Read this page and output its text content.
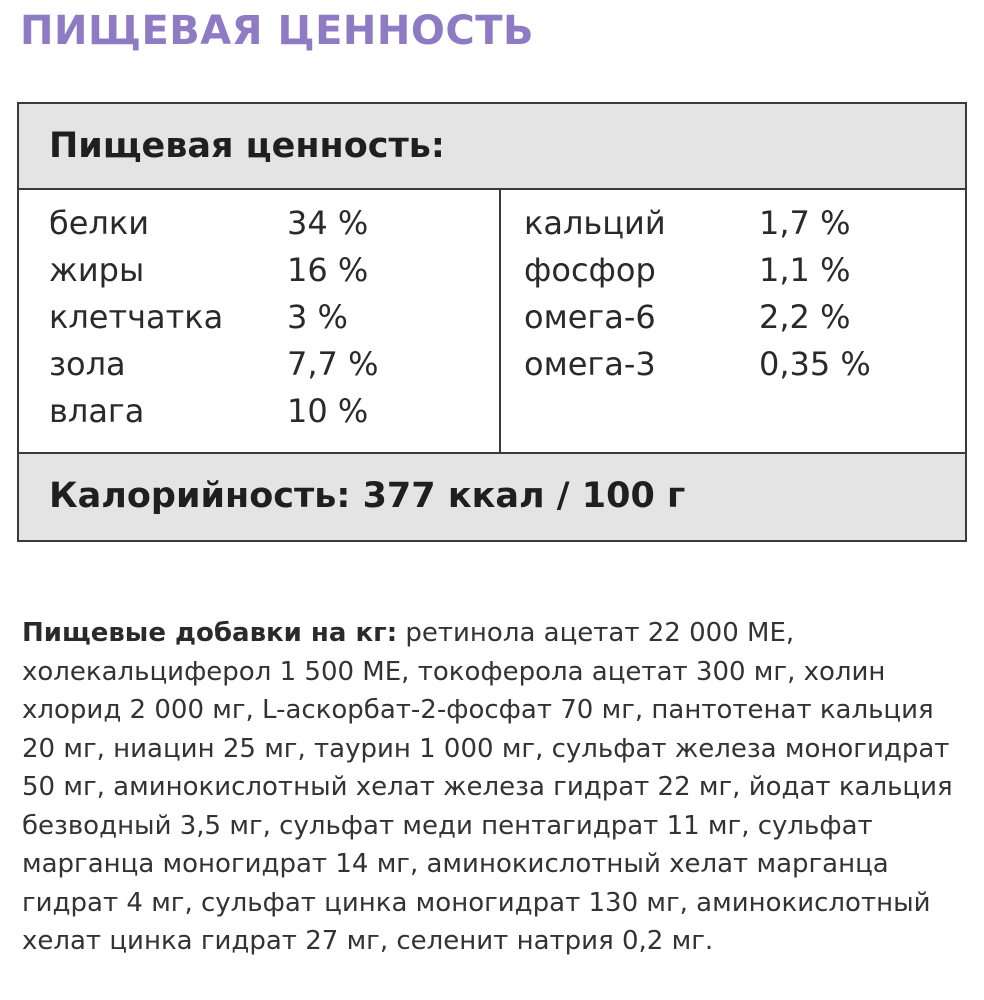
ПИЩЕВАЯ ЦЕННОСТЬ
Пищевая ценность:
белки	34 %
жиры	16 %
клетчатка 3 %
зола	7,7 %
влага	10 %
кальций	1,7 %
фосфор	1,1 %
омега-6	2,2 %
омега-3	0,35 %
Калорийность: 377 ккал / 100 г
Пищевые добавки на кг: ретинола ацетат 22 000 МЕ, холекальциферол 1 500 МЕ, токоферола ацетат 300 мг, холин хлорид 2 000 мг, L-аскорбат-2-фосфат 70 мг, пантотенат кальция 20 мг, ниацин 25 мг, таурин 1 000 мг, сульфат железа моногидрат 50 мг, аминокислотный хелат железа гидрат 22 мг, йодат кальция безводный 3,5 мг, сульфат меди пентагидрат 11 мг, сульфат марганца моногидрат 14 мг, аминокислотный хелат марганца гидрат 4 мг, сульфат цинка моногидрат 130 мг, аминокислотный хелат цинка гидрат 27 мг, селенит натрия 0,2 мг.
